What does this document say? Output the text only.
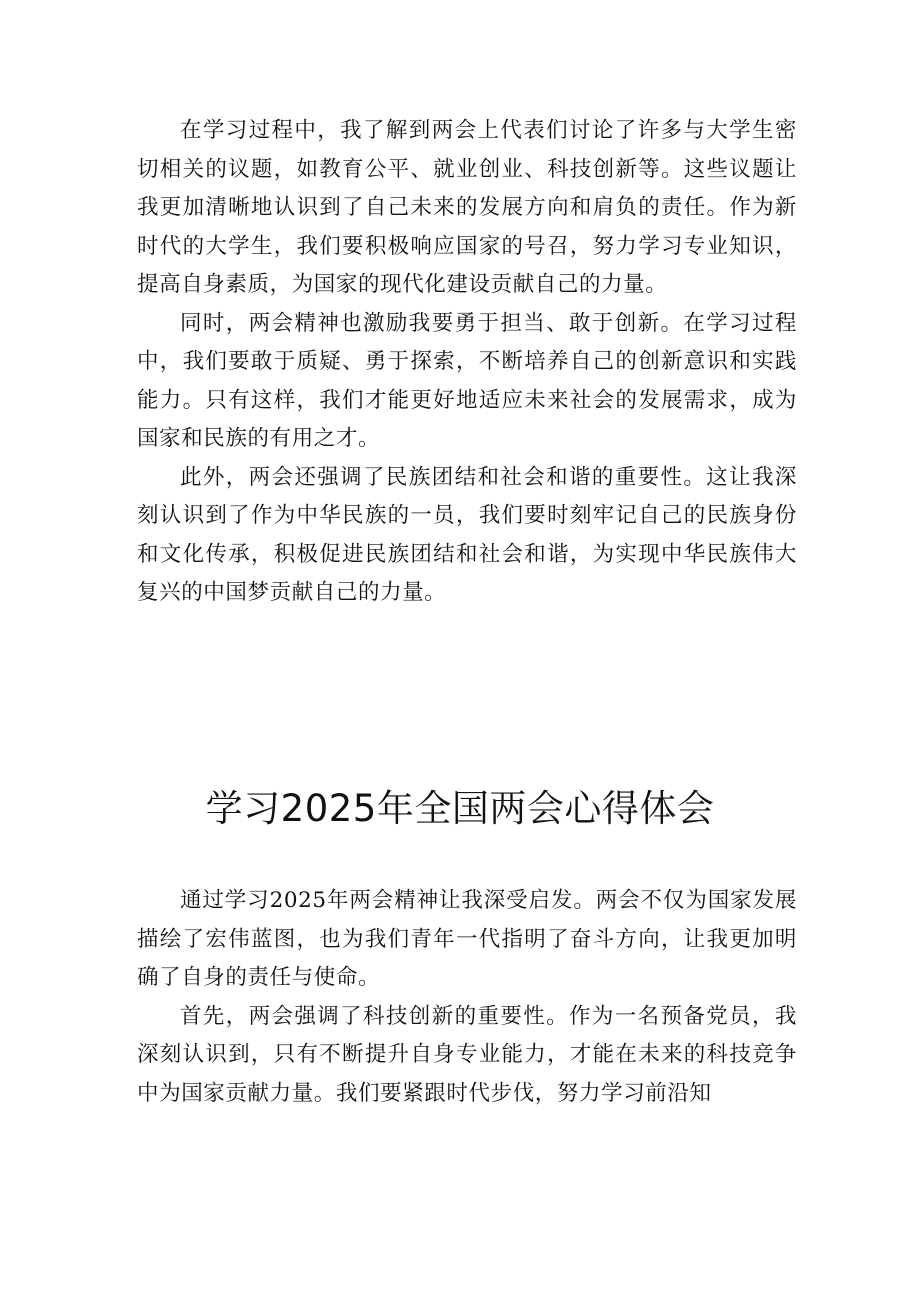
在学习过程中，我了解到两会上代表们讨论了许多与大学生密切相关的议题，如教育公平、就业创业、科技创新等。这些议题让我更加清晰地认识到了自己未来的发展方向和肩负的责任。作为新时代的大学生，我们要积极响应国家的号召，努力学习专业知识，提高自身素质，为国家的现代化建设贡献自己的力量。

同时，两会精神也激励我要勇于担当、敢于创新。在学习过程中，我们要敢于质疑、勇于探索，不断培养自己的创新意识和实践能力。只有这样，我们才能更好地适应未来社会的发展需求，成为国家和民族的有用之才。

此外，两会还强调了民族团结和社会和谐的重要性。这让我深刻认识到了作为中华民族的一员，我们要时刻牢记自己的民族身份和文化传承，积极促进民族团结和社会和谐，为实现中华民族伟大复兴的中国梦贡献自己的力量。

学习2025年全国两会心得体会

通过学习2025年两会精神让我深受启发。两会不仅为国家发展描绘了宏伟蓝图，也为我们青年一代指明了奋斗方向，让我更加明确了自身的责任与使命。

首先，两会强调了科技创新的重要性。作为一名预备党员，我深刻认识到，只有不断提升自身专业能力，才能在未来的科技竞争中为国家贡献力量。我们要紧跟时代步伐，努力学习前沿知
